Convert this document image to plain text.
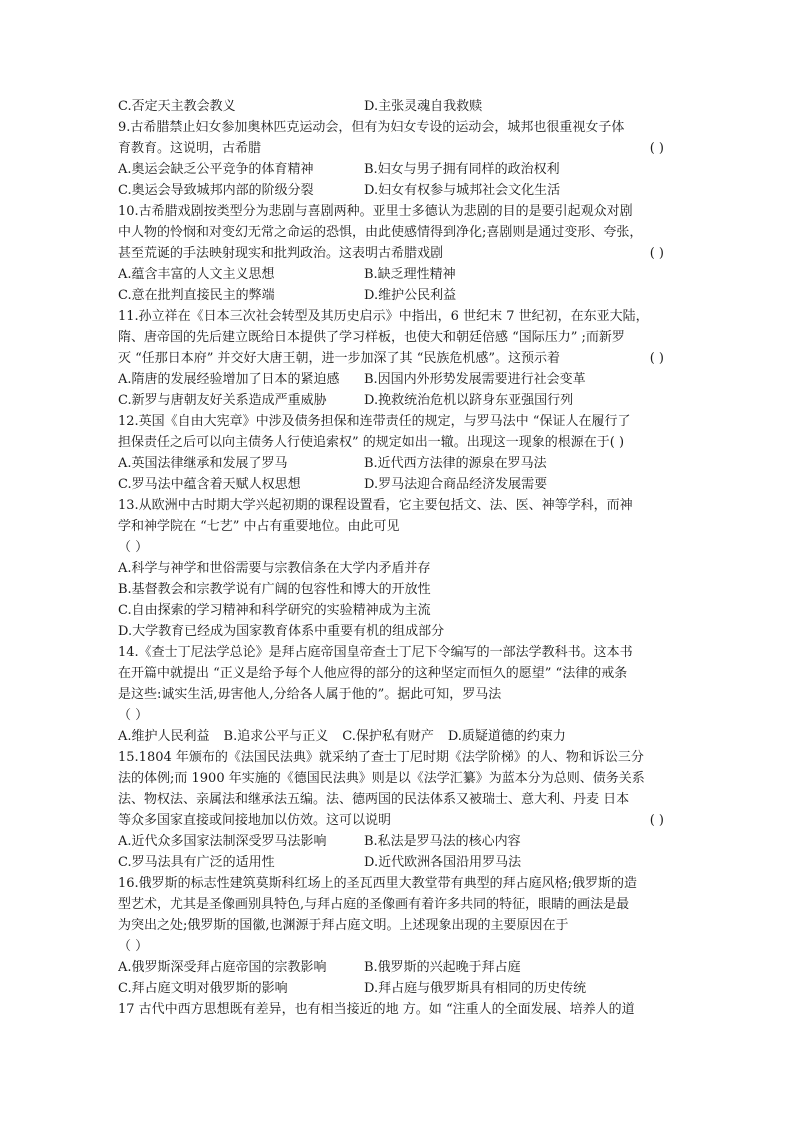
C.否定天主教会教义	D.主张灵魂自我救赎
9.古希腊禁止妇女参加奥林匹克运动会，但有为妇女专设的运动会，城邦也很重视女子体
育教育。这说明，古希腊	( )
A.奥运会缺乏公平竞争的体育精神	B.妇女与男子拥有同样的政治权利
C.奥运会导致城邦内部的阶级分裂	D.妇女有权参与城邦社会文化生活
10.古希腊戏剧按类型分为悲剧与喜剧两种。亚里士多德认为悲剧的目的是要引起观众对剧
中人物的怜悯和对变幻无常之命运的恐惧，由此使感情得到净化;喜剧则是通过变形、夸张，
甚至荒诞的手法映射现实和批判政治。这表明古希腊戏剧	( )
A.蕴含丰富的人文主义思想	B.缺乏理性精神
C.意在批判直接民主的弊端	D.维护公民利益
11.孙立祥在《日本三次社会转型及其历史启示》中指出，6 世纪末 7 世纪初，在东亚大陆，
隋、唐帝国的先后建立既给日本提供了学习样板，也使大和朝廷倍感 “国际压力” ;而新罗
灭 “任那日本府” 并交好大唐王朝，进一步加深了其 “民族危机感”。这预示着	( )
A.隋唐的发展经验增加了日本的紧迫感	B.因国内外形势发展需要进行社会变革
C.新罗与唐朝友好关系造成严重威胁	D.挽救统治危机以跻身东亚强国行列
12.英国《自由大宪章》中涉及债务担保和连带责任的规定，与罗马法中 “保证人在履行了
担保责任之后可以向主债务人行使追索权” 的规定如出一辙。出现这一现象的根源在于( )
A.英国法律继承和发展了罗马	B.近代西方法律的源泉在罗马法
C.罗马法中蕴含着天赋人权思想	D.罗马法迎合商品经济发展需要
13.从欧洲中古时期大学兴起初期的课程设置看，它主要包括文、法、医、神等学科，而神
学和神学院在 “七艺” 中占有重要地位。由此可见
（ ）
A.科学与神学和世俗需要与宗教信条在大学内矛盾并存
B.基督教会和宗教学说有广阔的包容性和博大的开放性
C.自由探索的学习精神和科学研究的实验精神成为主流
D.大学教育已经成为国家教育体系中重要有机的组成部分
14.《查士丁尼法学总论》是拜占庭帝国皇帝查士丁尼下令编写的一部法学教科书。这本书
在开篇中就提出 “正义是给予每个人他应得的部分的这种坚定而恒久的愿望” “法律的戒条
是这些:诚实生活,毋害他人,分给各人属于他的”。据此可知，罗马法
（ ）
A.维护人民利益 B.追求公平与正义 C.保护私有财产 D.质疑道德的约束力
15.1804 年颁布的《法国民法典》就采纳了查士丁尼时期《法学阶梯》的人、物和诉讼三分
法的体例;而 1900 年实施的《德国民法典》则是以《法学汇纂》为蓝本分为总则、债务关系
法、物权法、亲属法和继承法五编。法、德两国的民法体系又被瑞士、意大利、丹麦 日本
等众多国家直接或间接地加以仿效。这可以说明	( )
A.近代众多国家法制深受罗马法影响	B.私法是罗马法的核心内容
C.罗马法具有广泛的适用性	D.近代欧洲各国沿用罗马法
16.俄罗斯的标志性建筑莫斯科红场上的圣瓦西里大教堂带有典型的拜占庭风格;俄罗斯的造
型艺术，尤其是圣像画别具特色,与拜占庭的圣像画有着许多共同的特征，眼睛的画法是最
为突出之处;俄罗斯的国徽,也渊源于拜占庭文明。上述现象出现的主要原因在于
（ ）
A.俄罗斯深受拜占庭帝国的宗教影响	B.俄罗斯的兴起晚于拜占庭
C.拜占庭文明对俄罗斯的影响	D.拜占庭与俄罗斯具有相同的历史传统
17 古代中西方思想既有差异，也有相当接近的地 方。如 “注重人的全面发展、培养人的道
